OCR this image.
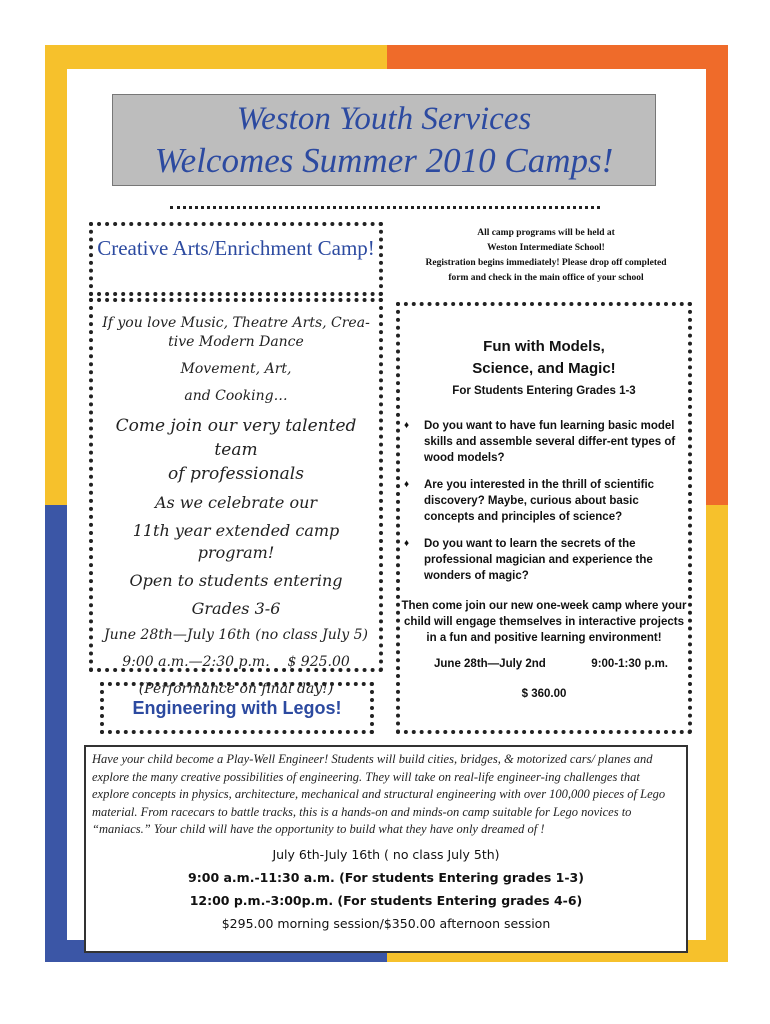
Weston Youth Services
Welcomes Summer 2010 Camps!
Creative Arts/Enrichment Camp!
All camp programs will be held at
Weston Intermediate School!
Registration begins immediately! Please drop off completed
form and check in the main office of your school
If you love Music, Theatre Arts, Crea-
tive Modern Dance
Movement, Art,
and Cooking…
Come join our very talented team
of professionals
As we celebrate our
11th year extended camp program!
Open to students entering
Grades 3-6
June 28th—July 16th (no class July 5)
9:00 a.m.—2:30 p.m.    $ 925.00
(Performance on final day!)
Fun with Models,
Science, and Magic!
For Students Entering Grades 1-3
♦ Do you want to have fun learning basic model skills and assemble several differ-ent types of wood models?
♦ Are you interested in the thrill of scientific discovery? Maybe, curious about basic concepts and principles of science?
♦ Do you want to learn the secrets of the professional magician and experience the wonders of magic?
Then come join our new one-week camp where your child will engage themselves in interactive projects in a fun and positive learning environment!
June 28th—July 2nd	9:00-1:30 p.m.
$ 360.00
Engineering with Legos!

Have your child become a Play-Well Engineer! Students will build cities, bridges, & motorized cars/ planes and explore the many creative possibilities of engineering. They will take on real-life engineer-ing challenges that explore concepts in physics, architecture, mechanical and structural engineering with over 100,000 pieces of Lego material. From racecars to battle tracks, this is a hands-on and minds-on camp suitable for Lego novices to “maniacs.” Your child will have the opportunity to build what they have only dreamed of !

July 6th-July 16th ( no class July 5th)
9:00 a.m.-11:30 a.m. (For students Entering grades 1-3)
12:00 p.m.-3:00p.m. (For students Entering grades 4-6)
$295.00 morning session/$350.00 afternoon session
